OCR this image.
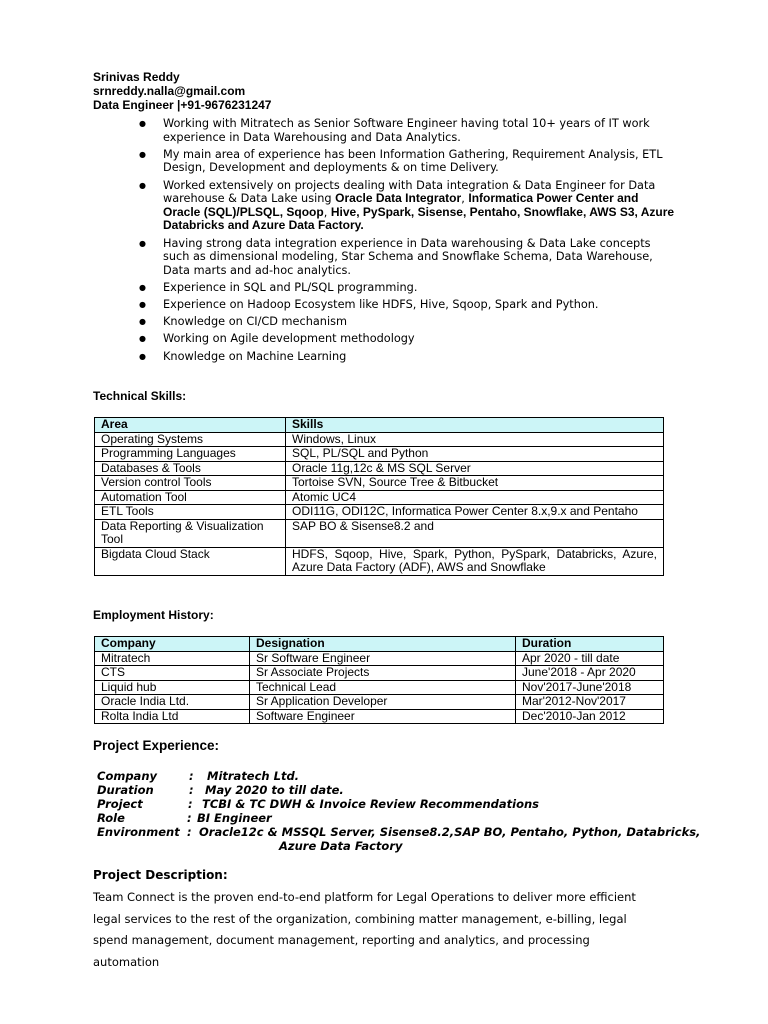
Srinivas Reddy
srnreddy.nalla@gmail.com
Data Engineer |+91-9676231247
● Working with Mitratech as Senior Software Engineer having total 10+ years of IT work experience in Data Warehousing and Data Analytics.
● My main area of experience has been Information Gathering, Requirement Analysis, ETL Design, Development and deployments & on time Delivery.
● Worked extensively on projects dealing with Data integration & Data Engineer for Data warehouse & Data Lake using Oracle Data Integrator, Informatica Power Center and Oracle (SQL)/PLSQL, Sqoop, Hive, PySpark, Sisense, Pentaho, Snowflake, AWS S3, Azure Databricks and Azure Data Factory.
● Having strong data integration experience in Data warehousing & Data Lake concepts such as dimensional modeling, Star Schema and Snowflake Schema, Data Warehouse, Data marts and ad-hoc analytics.
● Experience in SQL and PL/SQL programming.
● Experience on Hadoop Ecosystem like HDFS, Hive, Sqoop, Spark and Python.
● Knowledge on CI/CD mechanism
● Working on Agile development methodology
● Knowledge on Machine Learning
Technical Skills:
Area	Skills
Operating Systems	Windows, Linux
Programming Languages	SQL, PL/SQL and Python
Databases & Tools	Oracle 11g,12c & MS SQL Server
Version control Tools	Tortoise SVN, Source Tree & Bitbucket
Automation Tool	Atomic UC4
ETL Tools	ODI11G, ODI12C, Informatica Power Center 8.x,9.x and Pentaho
Data Reporting & Visualization Tool	SAP BO & Sisense8.2 and
Bigdata Cloud Stack	HDFS, Sqoop, Hive, Spark, Python, PySpark, Databricks, Azure, Azure Data Factory (ADF), AWS and Snowflake
Employment History:
Company	Designation	Duration
Mitratech	Sr Software Engineer	Apr 2020 - till date
CTS	Sr Associate Projects	June'2018 - Apr 2020
Liquid hub	Technical Lead	Nov'2017-June'2018
Oracle India Ltd.	Sr Application Developer	Mar'2012-Nov'2017
Rolta India Ltd	Software Engineer	Dec'2010-Jan 2012
Project Experience:
Company	: Mitratech Ltd.
Duration	: May 2020 to till date.
Project	: TCBI & TC DWH & Invoice Review Recommendations
Role	: BI Engineer
Environment : Oracle12c & MSSQL Server, Sisense8.2,SAP BO, Pentaho, Python, Databricks,
Azure Data Factory
Project Description:
Team Connect is the proven end-to-end platform for Legal Operations to deliver more efficient legal services to the rest of the organization, combining matter management, e-billing, legal spend management, document management, reporting and analytics, and processing automation
